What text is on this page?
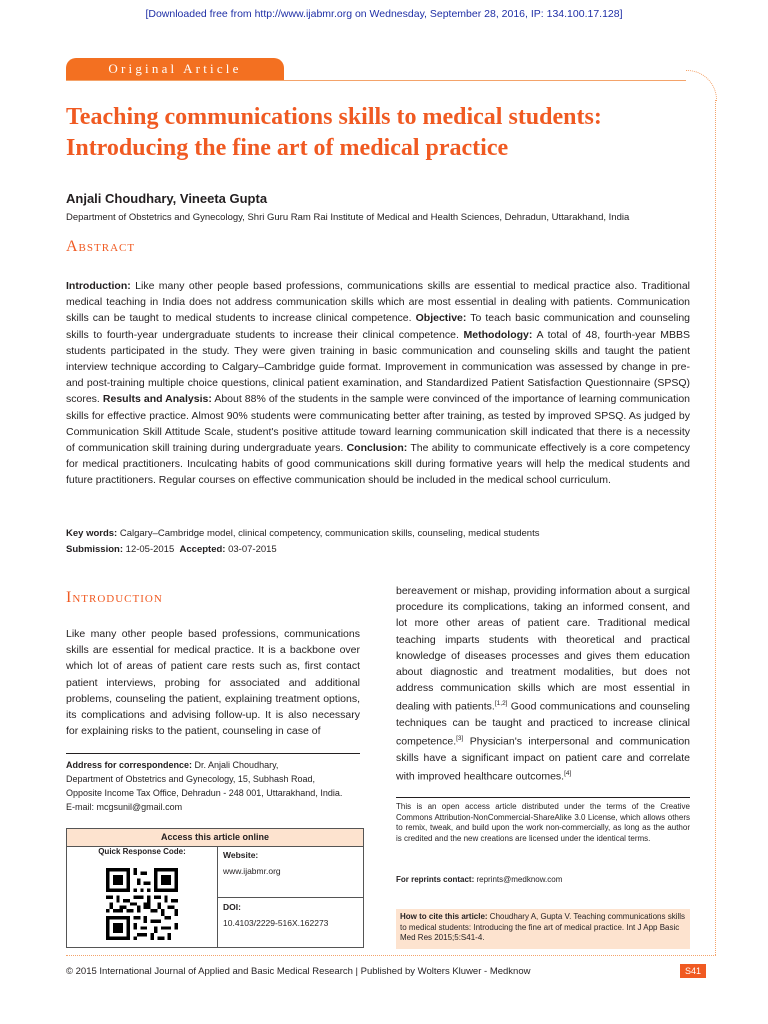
[Downloaded free from http://www.ijabmr.org on Wednesday, September 28, 2016, IP: 134.100.17.128]
Original Article
Teaching communications skills to medical students:
Introducing the fine art of medical practice
Anjali Choudhary, Vineeta Gupta
Department of Obstetrics and Gynecology, Shri Guru Ram Rai Institute of Medical and Health Sciences, Dehradun, Uttarakhand, India
Abstract
Introduction: Like many other people based professions, communications skills are essential to medical practice also. Traditional medical teaching in India does not address communication skills which are most essential in dealing with patients. Communication skills can be taught to medical students to increase clinical competence. Objective: To teach basic communication and counseling skills to fourth-year undergraduate students to increase their clinical competence. Methodology: A total of 48, fourth-year MBBS students participated in the study. They were given training in basic communication and counseling skills and taught the patient interview technique according to Calgary–Cambridge guide format. Improvement in communication was assessed by change in pre- and post-training multiple choice questions, clinical patient examination, and Standardized Patient Satisfaction Questionnaire (SPSQ) scores. Results and Analysis: About 88% of the students in the sample were convinced of the importance of learning communication skills for effective practice. Almost 90% students were communicating better after training, as tested by improved SPSQ. As judged by Communication Skill Attitude Scale, student's positive attitude toward learning communication skill indicated that there is a necessity of communication skill training during undergraduate years. Conclusion: The ability to communicate effectively is a core competency for medical practitioners. Inculcating habits of good communications skill during formative years will help the medical students and future practitioners. Regular courses on effective communication should be included in the medical school curriculum.
Key words: Calgary–Cambridge model, clinical competency, communication skills, counseling, medical students
Submission: 12-05-2015 Accepted: 03-07-2015
Introduction
Like many other people based professions, communications skills are essential for medical practice. It is a backbone over which lot of areas of patient care rests such as, first contact patient interviews, probing for associated and additional problems, counseling the patient, explaining treatment options, its complications and advising follow-up. It is also necessary for explaining risks to the patient, counseling in case of
bereavement or mishap, providing information about a surgical procedure its complications, taking an informed consent, and lot more other areas of patient care. Traditional medical teaching imparts students with theoretical and practical knowledge of diseases processes and gives them education about diagnostic and treatment modalities, but does not address communication skills which are most essential in dealing with patients.[1,2] Good communications and counseling techniques can be taught and practiced to increase clinical competence.[3] Physician's interpersonal and communication skills have a significant impact on patient care and correlate with improved healthcare outcomes.[4]
Address for correspondence: Dr. Anjali Choudhary,
Department of Obstetrics and Gynecology, 15, Subhash Road,
Opposite Income Tax Office, Dehradun - 248 001, Uttarakhand, India.
E-mail: mcgsunil@gmail.com
Access this article online
Quick Response Code:	Website:
www.ijabmr.org
DOI:
10.4103/2229-516X.162273
This is an open access article distributed under the terms of the Creative Commons Attribution-NonCommercial-ShareAlike 3.0 License, which allows others to remix, tweak, and build upon the work non-commercially, as long as the author is credited and the new creations are licensed under the identical terms.
For reprints contact: reprints@medknow.com
How to cite this article: Choudhary A, Gupta V. Teaching communications skills to medical students: Introducing the fine art of medical practice. Int J App Basic Med Res 2015;5:S41-4.
© 2015 International Journal of Applied and Basic Medical Research | Published by Wolters Kluwer - Medknow	S41
